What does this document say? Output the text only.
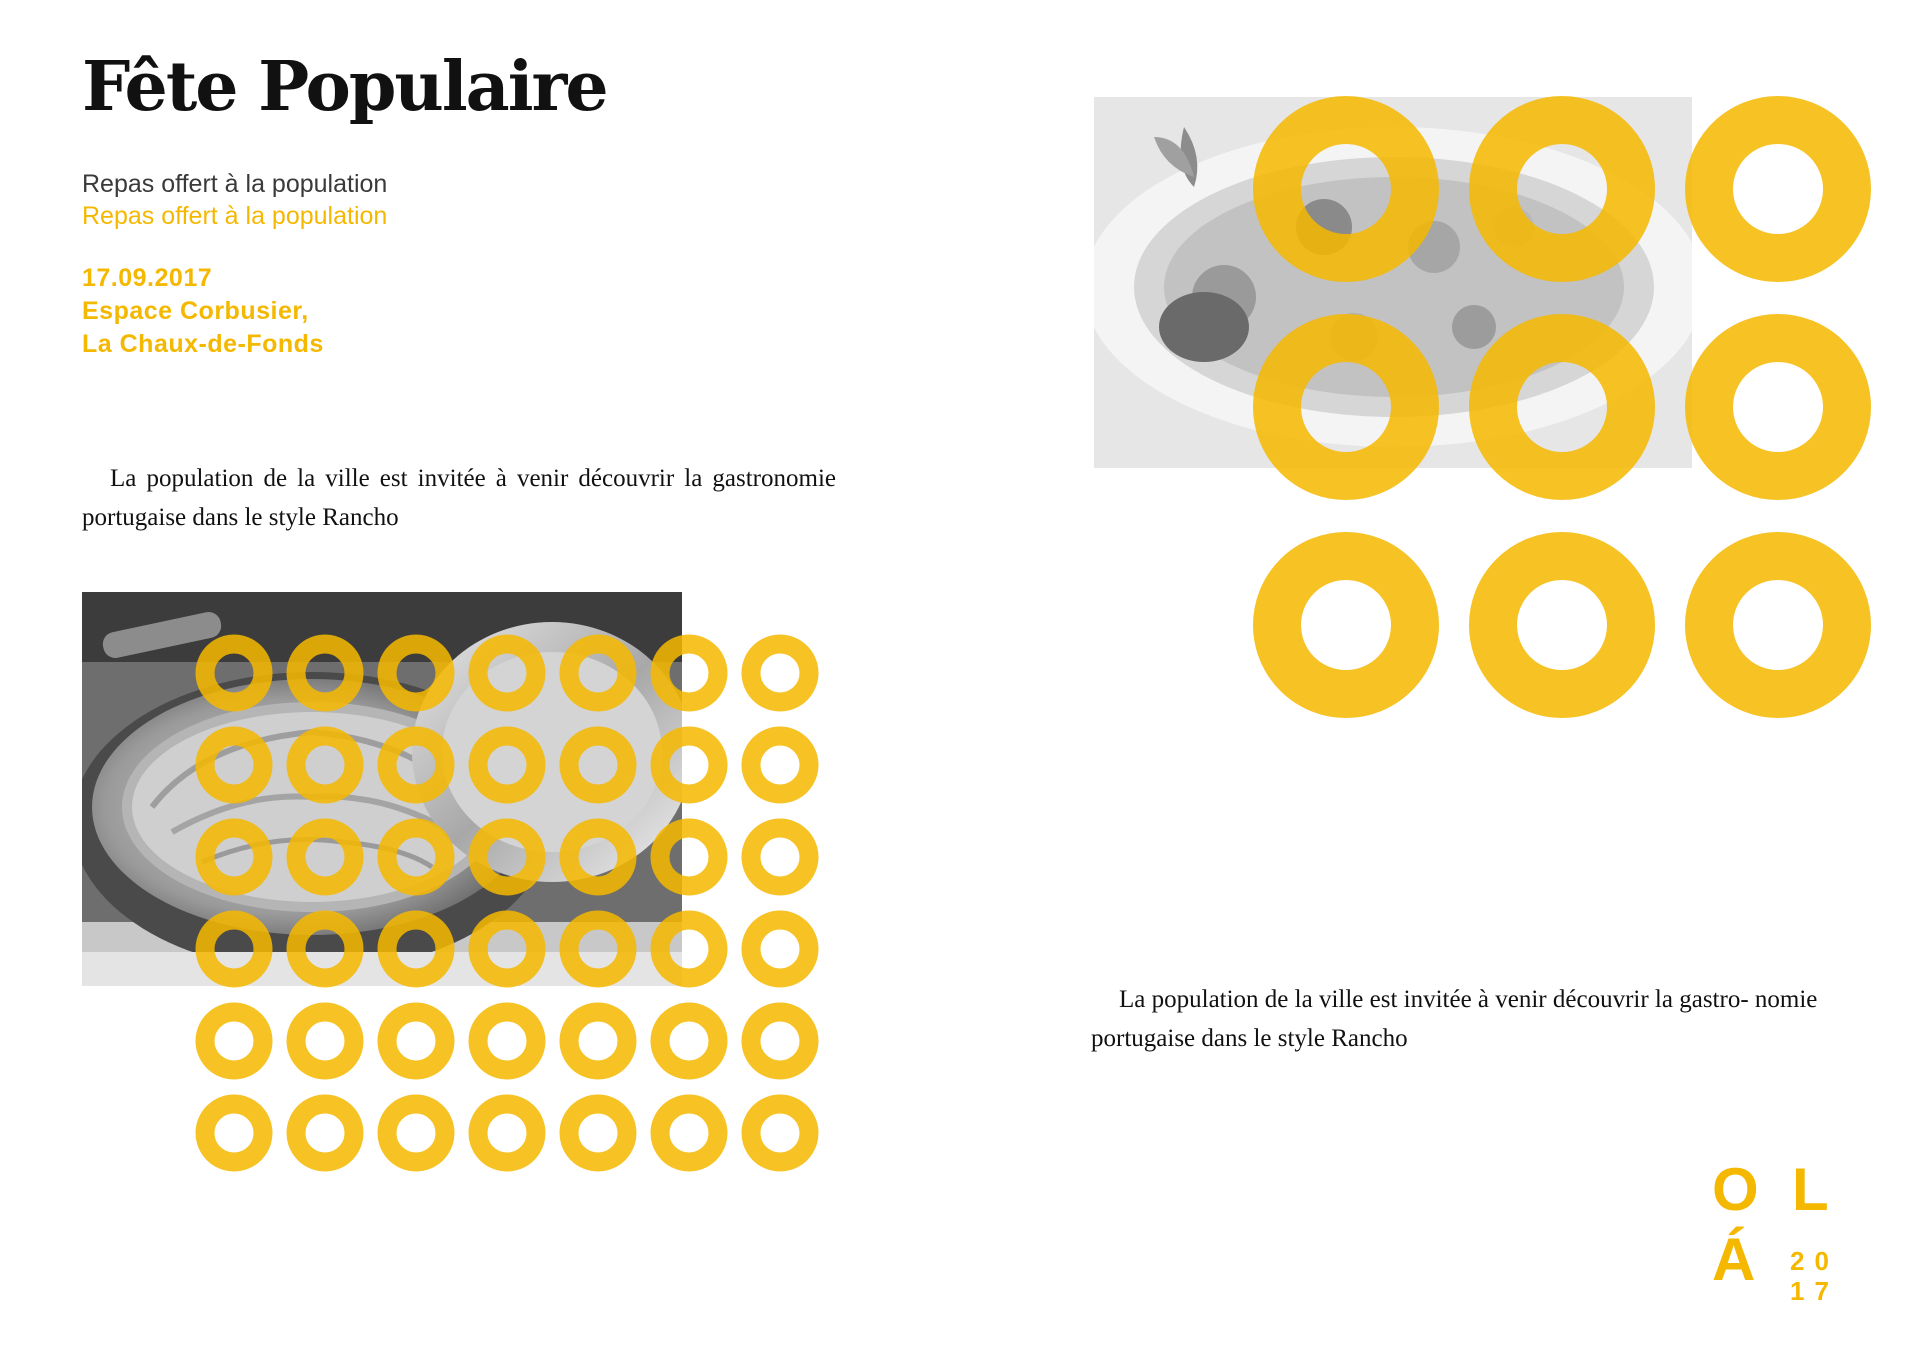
Fête Populaire
Repas offert à la population
Repas offert à la population
17.09.2017
Espace Corbusier,
La Chaux-de-Fonds

La population de la ville est invitée à venir découvrir la gastronomie portugaise dans le style Rancho

La population de la ville est invitée à venir découvrir la gastro- nomie portugaise dans le style Rancho

O L
Á 20
17
